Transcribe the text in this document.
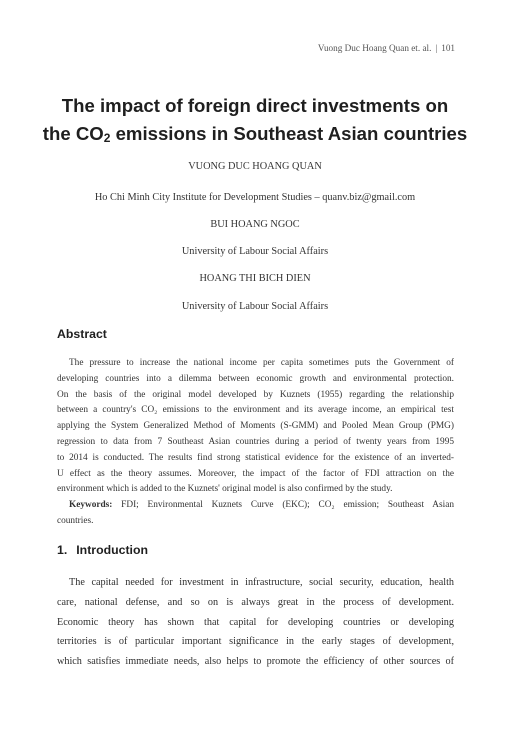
Vuong Duc Hoang Quan et. al. | 101
The impact of foreign direct investments on
the $CO_2$ emissions in Southeast Asian countries
VUONG DUC HOANG QUAN
Ho Chi Minh City Institute for Development Studies – quanv.biz@gmail.com
BUI HOANG NGOC
University of Labour Social Affairs
HOANG THI BICH DIEN
University of Labour Social Affairs
Abstract
The pressure to increase the national income per capita sometimes puts the Government of
developing countries into a dilemma between economic growth and environmental protection.
On the basis of the original model developed by Kuznets (1955) regarding the relationship
between a country's CO₂ emissions to the environment and its average income, an empirical test
applying the System Generalized Method of Moments (S-GMM) and Pooled Mean Group (PMG)
regression to data from 7 Southeast Asian countries during a period of twenty years from 1995
to 2014 is conducted. The results find strong statistical evidence for the existence of an inverted-
U effect as the theory assumes. Moreover, the impact of the factor of FDI attraction on the
environment which is added to the Kuznets' original model is also confirmed by the study.
Keywords: FDI; Environmental Kuznets Curve (EKC); CO₂ emission; Southeast Asian
countries.
1. Introduction
The capital needed for investment in infrastructure, social security, education, health
care, national defense, and so on is always great in the process of development.
Economic theory has shown that capital for developing countries or developing
territories is of particular important significance in the early stages of development,
which satisfies immediate needs, also helps to promote the efficiency of other sources of
